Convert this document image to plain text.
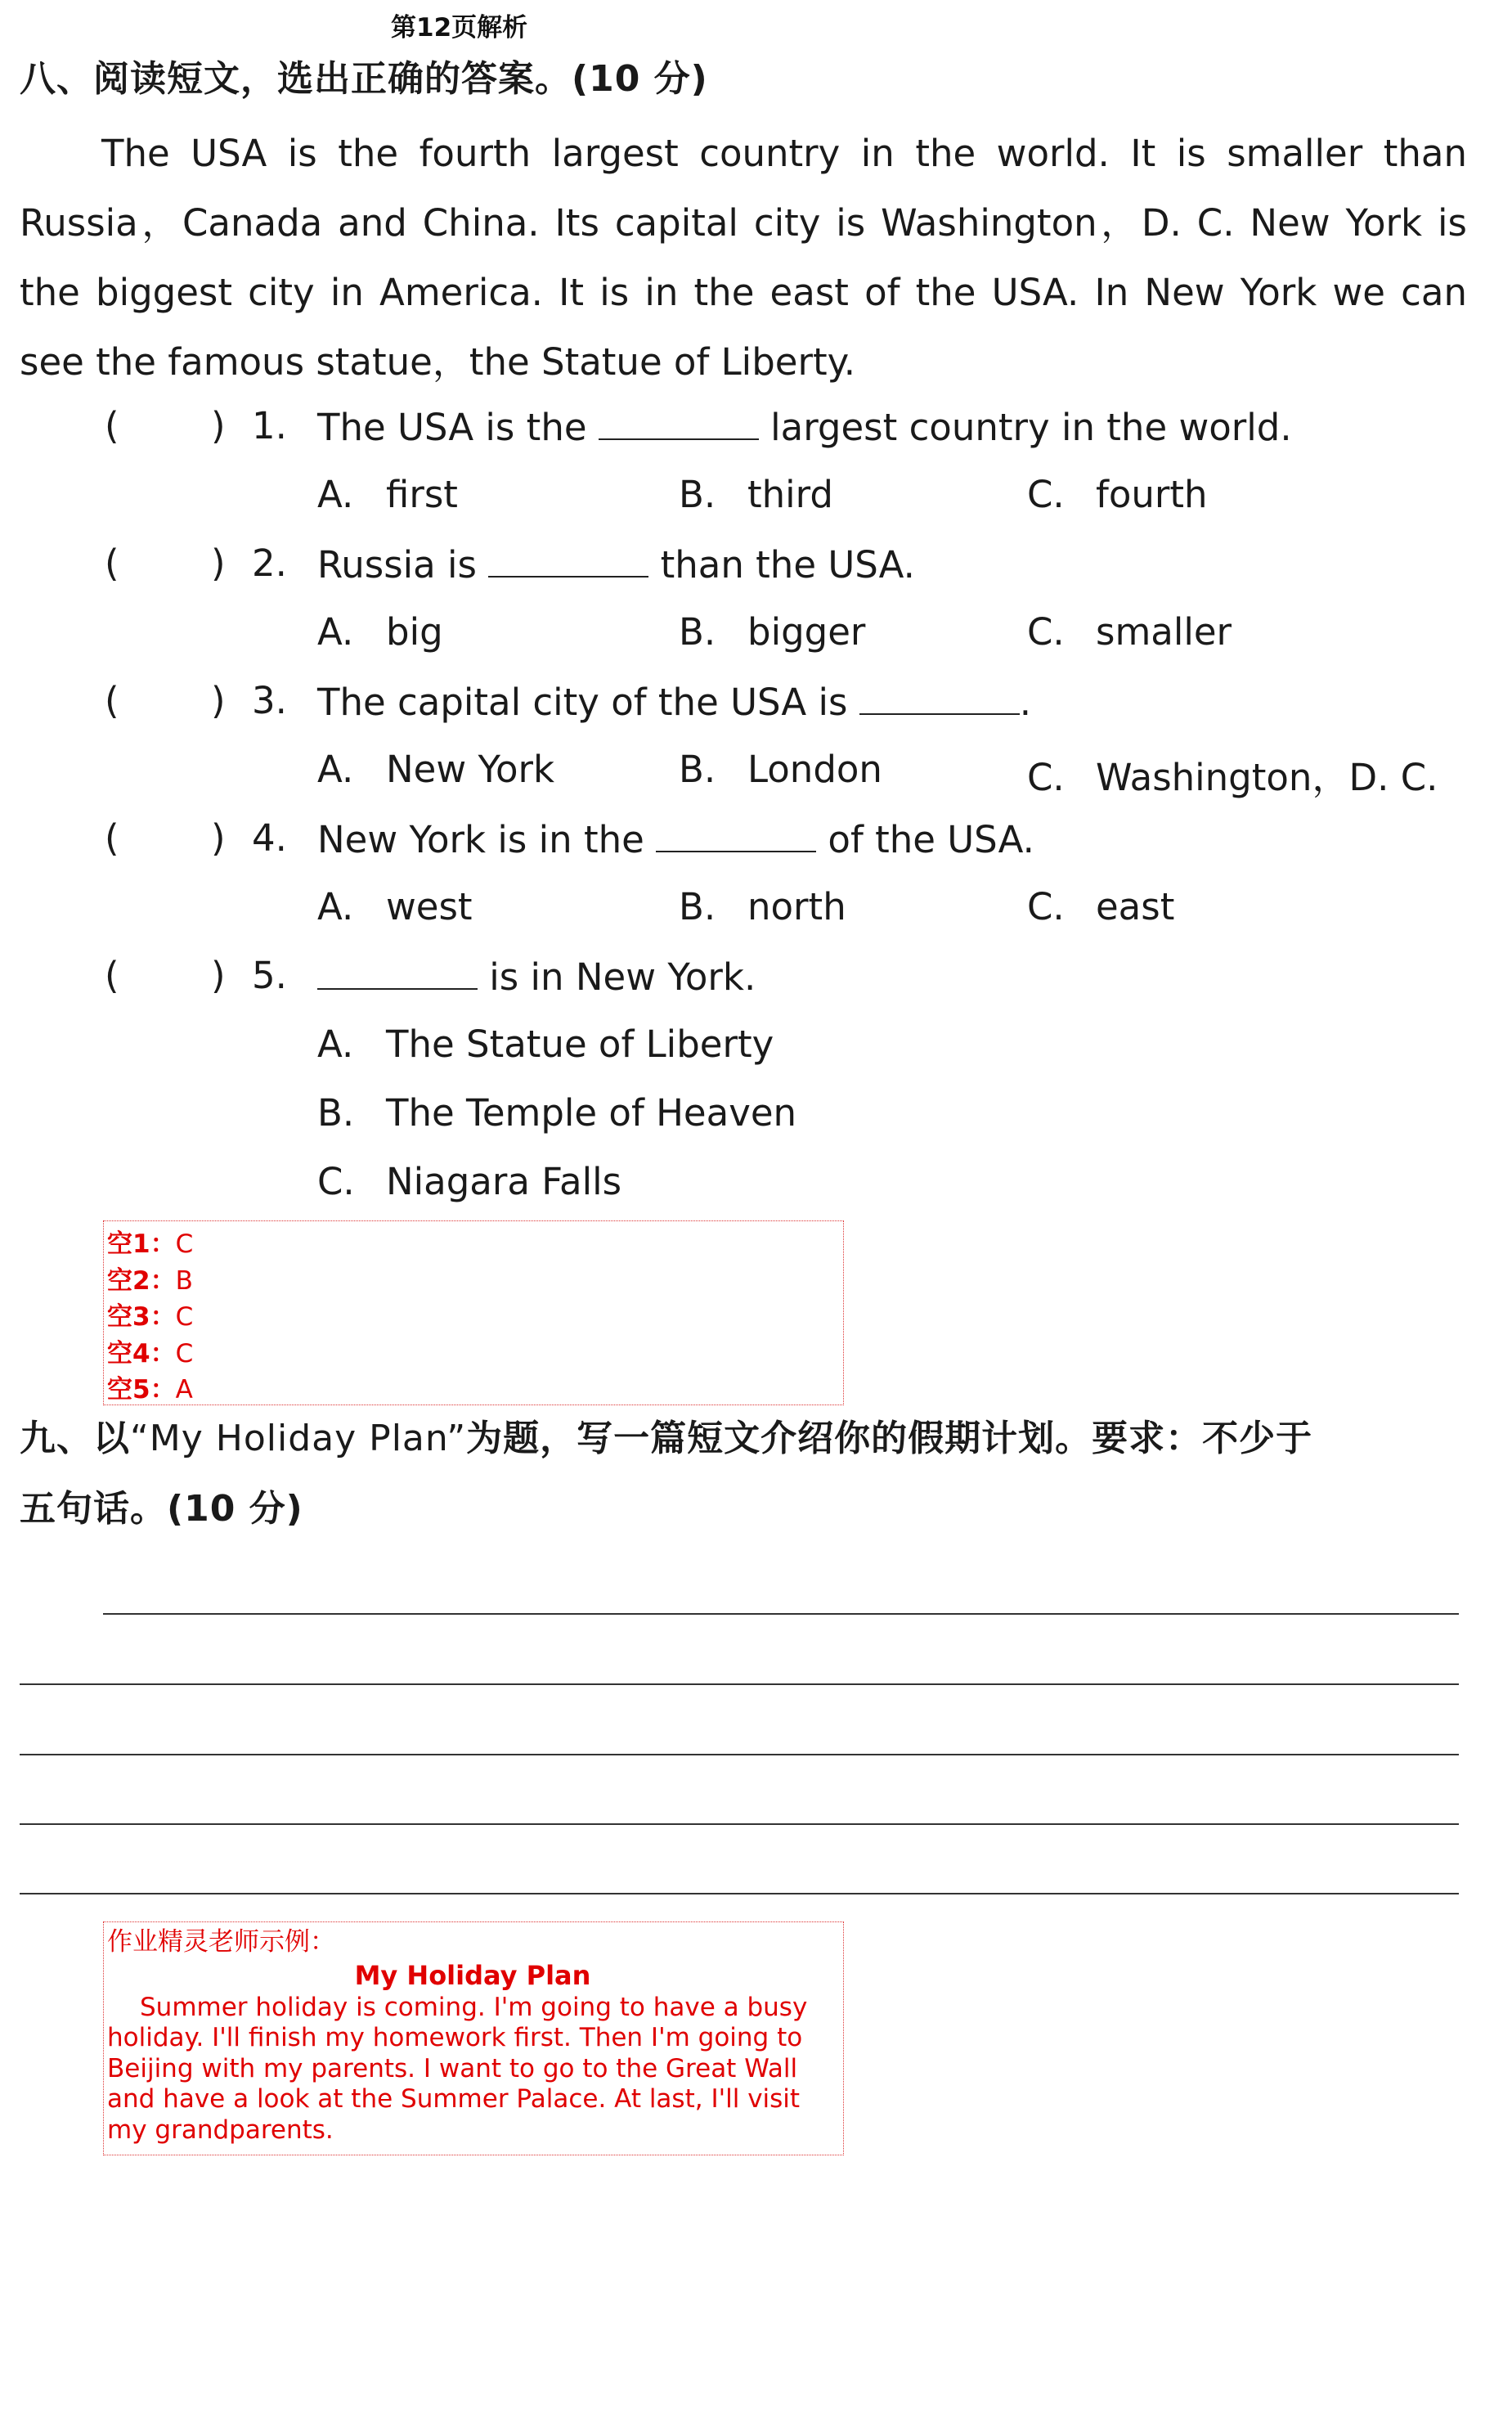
第12页解析
八、阅读短文，选出正确的答案。(10 分)

The USA is the fourth largest country in the world. It is smaller than Russia，Canada and China. Its capital city is Washington，D. C. New York is the biggest city in America. It is in the east of the USA. In New York we can see the famous statue，the Statue of Liberty.

( ) 1. The USA is the	largest country in the world.
A. first	B. third	C. fourth
( ) 2. Russia is	than the USA.
A. big	B. bigger	C. smaller
( ) 3. The capital city of the USA is	.
A. New York	B. London	C. Washington，D. C.
( ) 4. New York is in the	of the USA.
A. west	B. north	C. east
( ) 5.	is in New York.
A. The Statue of Liberty
B. The Temple of Heaven
C. Niagara Falls
空1：C
空2：B
空3：C
空4：C
空5：A
九、以“My Holiday Plan”为题，写一篇短文介绍你的假期计划。要求：不少于
五句话。(10 分)
作业精灵老师示例：
My Holiday Plan
Summer holiday is coming. I'm going to have a busy holiday. I'll finish my homework first. Then I'm going to Beijing with my parents. I want to go to the Great Wall and have a look at the Summer Palace. At last, I'll visit my grandparents.
